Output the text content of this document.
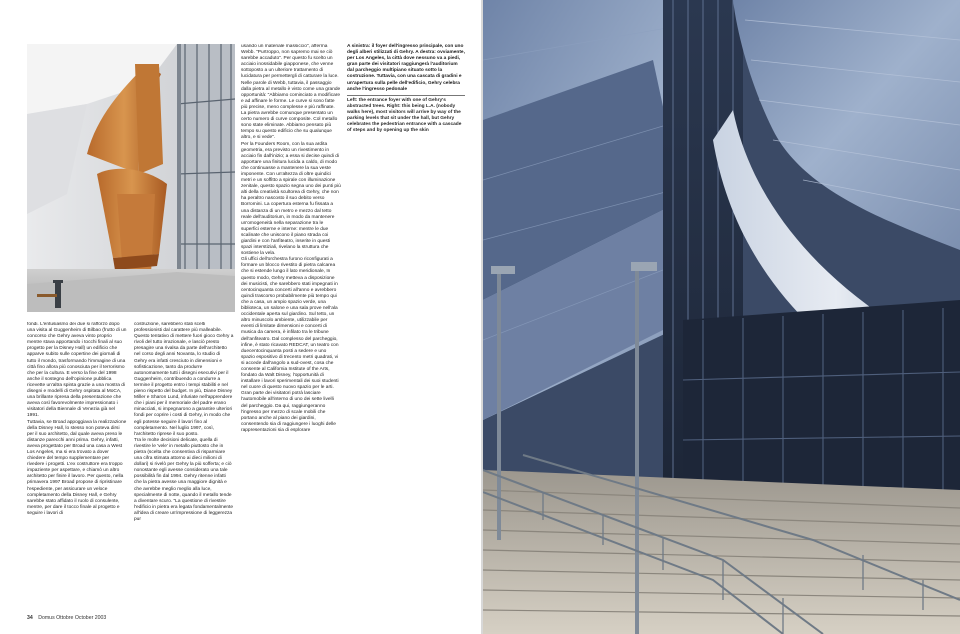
fondi. L'entusiasmo dei due si rafforzò dopo una visita al Guggenheim di Bilbao (frutto di un concorso che Gehry aveva vinto proprio mentre stava apportando i tocchi finali al suo progetto per la Disney Hall) un edificio che apparve subito sulle copertine dei giornali di tutto il mondo, trasformando l'immagine di una città fino allora più conosciuta per il terrorismo che per la cultura. E verso la fine del 1998 anche il sostegno dell'opinione pubblica ricevette un'altra spinta grazie a una mostra di disegni e modelli di Gehry ospitata al MoCA, una brillante ripresa della presentazione che aveva così favorevolmente impressionato i visitatori della Biennale di Venezia già nel 1991.

Tuttavia, se Broad appoggiava la realizzazione della Disney Hall, lo stesso non poteva dirsi per il suo architetto, dal quale aveva preso le distanze parecchi anni prima. Gehry, infatti, aveva progettato per Broad una casa a West Los Angeles, ma si era trovato a dover chiedere del tempo supplementare per rivedere i progetti. L'ex costruttore era troppo impaziente per aspettare, e chiamò un altro architetto per finire il lavoro. Per questo, nella primavera 1997 Broad propose di ripristinare l'espediente, per assicurare un veloce completamento della Disney Hall, e Gehry sarebbe stato affidato il ruolo di consulente, mentre, per dare il tocco finale al progetto e seguire i lavori di

costruzione, sarebbero stati scelti professionisti dal carattere più malleabile. Questo tentativo di mettere fuori gioco Gehry a rivoli del tutto irrazionale, e lasciò presto presagire una rivalsa da parte dell'architetto nel corso degli anni Novanta, lo studio di Gehry era infatti cresciuto in dimensioni e sofisticazione, tanto da produrre autonomamente tutti i disegni esecutivi per il Guggenheim, contribuendo a condurre a termine il progetto entro i tempi stabiliti e nel pieno rispetto del budget. In più, Diane Disney Miller e Sharon Lund, infuriate nell'apprendere che i piani per il memoriale del padre erano minacciati, si impegnarono a garantire ulteriori fondi per coprire i costi di Gehry, in modo che egli potesse seguire il lavori fino al completamento. Nel luglio 1997, così, l'architetto riprese il suo posto.

Tra le molte decisioni delicate, quella di rivestire le 'vele' in metallo piuttosto che in pietra (scelta che consentiva di risparmiare una cifra stimata attorno ai dieci milioni di dollari) si rivelò per Gehry la più sofferta; e ciò nonostante egli avesse considerato una tale possibilità fin dal 1994. Gehry ritenne infatti che la pietra avesse una maggiore dignità e che avrebbe meglio meglio alla luce, specialmente di notte, quando il metallo tende a diventare scuro. "La questione di rivestire l'edificio in pietra era legata fondamentalmente all'idea di creare un'impressione di leggerezza pur

usando un materiale massiccio", afferma Webb. "Purtroppo, non sapremo mai se ciò sarebbe accaduto". Per questo fu scelto un acciaio inossidabile giapponese, che venne sottoposto a un ulteriore trattamento di lucidatura per permettergli di catturare la luce. Nelle parole di Webb, tuttavia, il passaggio dalla pietra al metallo è visto come una grande opportunità: "Abbiamo cominciato a modificare e ad affinare le forme. Le curve si sono fatte più precise, meno complesse e più raffinate. La pietra avrebbe comunque presentato un certo numero di curve composite. Col metallo sono state eliminate. Abbiamo pensato più tempo su questo edificio che su qualunque altro, e si vede".

Per la Founders Room, con la sua ardita geometria, era previsto un rivestimento in acciaio fin dall'inizio; a essa si decise quindi di apportare una finitura lucida a caldo, di modo che continuasse a mantenere la sua veste imponente. Con un'altezza di oltre quindici metri e un soffitto a spirale con illuminazione zenitale, questo spazio segna uno dei punti più alti della creatività scultorea di Gehry, che non ha peraltro nascosto il suo debito verso Borromini. La copertura esterna fu fissata a una distanza di un metro e mezzo dal tetto reale dell'auditorium, in modo da mantenere un'omogeneità nella separazione tra le superfici esterne e interne: mentre le due scalinate che uniscono il piano strada coi giardini e con l'anfiteatro, inserite in questi spazi interstiziali, rivelano la struttura che sostiene la vela.

Gli uffici dell'orchestra furono riconfigurati a formare un blocco rivestito di pietra calcarea che si estende lungo il lato meridionale, In questo modo, Gehry metteva a disposizione dei musicisti, che sarebbero stati impegnati in centocinquanta concerti all'anno e avrebbero quindi trascorso probabilmente più tempo qui che a casa, un ampio spazio verde, una biblioteca, un salone e una sala prove nell'ala occidentale aperta sul giardino. Sul tetto, un altro minuscolo ambiente, utilizzabile per eventi di limitate dimensioni e concerti di musica da camera, è infilato tra le tribune dell'anfiteatro. Dal complesso del parcheggio, infine, è stato ricavato REDCAT, un teatro con duecentocinquanta posti a sedere e uno spazio espositivo di trecento metri quadrati, vi si accede dall'angolo a sud-ovest, cosa che consente al California Institute of the Arts, fondato da Walt Disney, l'opportunità di installare i lavori sperimentali dei suoi studenti nel cuore di questo nuovo spazio per le arti.

Gran parte dei visitatori potrà lasciare l'automobile all'interno di uno dei sette livelli del parcheggio. Da qui, raggiungeranno l'ingresso per mezzo di scale mobili che portano anche al piano dei giardini, consentendo sia di raggiungere i luoghi delle rappresentazioni sia di esplorare

A sinistra: il foyer dell'ingresso principale, con uno degli alberi stilizzati di Gehry. A destra: ovviamente, per Los Angeles, la città dove nessuno va a piedi, gran parte dei visitatori raggiungerà l'auditorium dal parcheggio multipiano situato sotto la costruzione. Tuttavia, con una cascata di gradini e un'apertura sulla pelle dell'edificio, Gehry celebra anche l'ingresso pedonale
Left: the entrance foyer with one of Gehry's abstracted trees. Right: this being L.A. (nobody walks here), most visitors will arrive by way of the parking levels that sit under the hall, but Gehry celebrates the pedestrian entrance with a cascade of steps and by opening up the skin
34 Domus Ottobre October 2003
